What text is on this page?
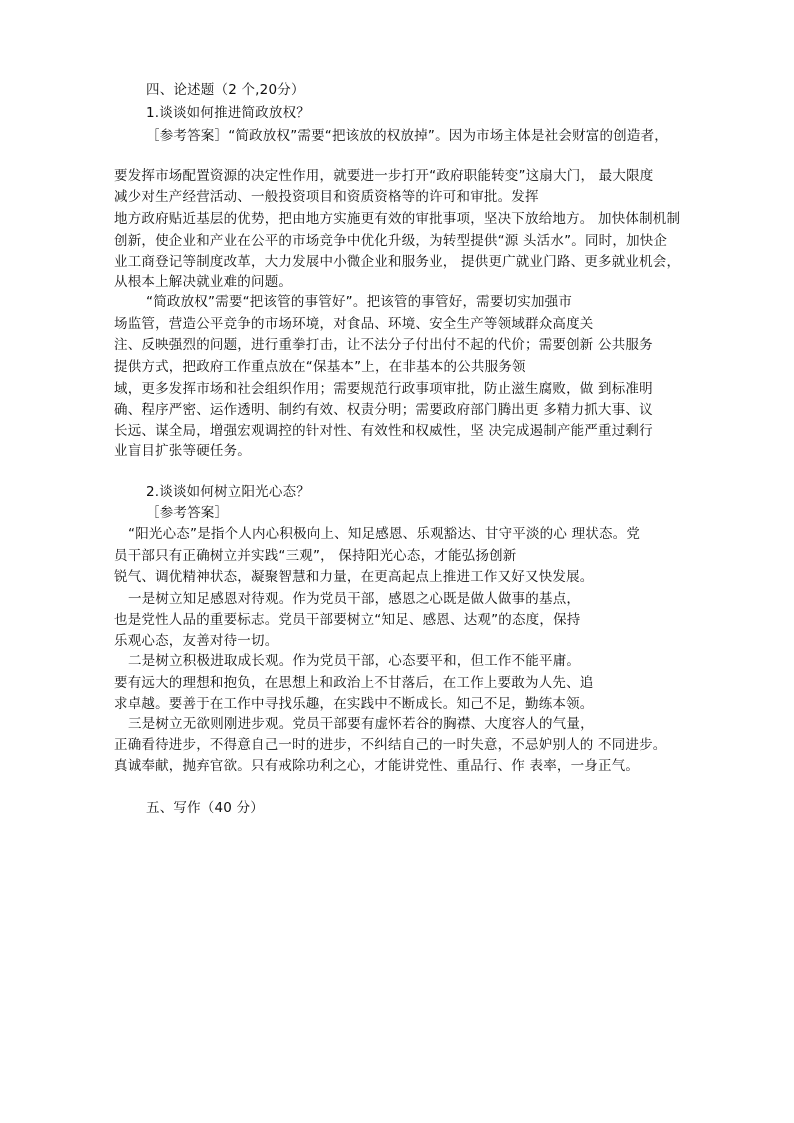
四、论述题（2 个,20分）
1.谈谈如何推进简政放权？
［参考答案］“简政放权”需要“把该放的权放掉”。因为市场主体是社会财富的创造者，
要发挥市场配置资源的决定性作用，就要进一步打开“政府职能转变”这扇大门， 最大限度
减少对生产经营活动、一般投资项目和资质资格等的许可和审批。发挥
地方政府贴近基层的优势，把由地方实施更有效的审批事项，坚决下放给地方。 加快体制机制
创新，使企业和产业在公平的市场竞争中优化升级，为转型提供“源 头活水”。同时，加快企
业工商登记等制度改革，大力发展中小微企业和服务业， 提供更广就业门路、更多就业机会，
从根本上解决就业难的问题。
“简政放权”需要“把该管的事管好”。把该管的事管好，需要切实加强市
场监管，营造公平竞争的市场环境，对食品、环境、安全生产等领域群众高度关
注、反映强烈的问题，进行重拳打击，让不法分子付出付不起的代价；需要创新 公共服务
提供方式，把政府工作重点放在“保基本”上，在非基本的公共服务领
域，更多发挥市场和社会组织作用；需要规范行政事项审批，防止滋生腐败，做 到标准明
确、程序严密、运作透明、制约有效、权责分明；需要政府部门腾出更 多精力抓大事、议
长远、谋全局，增强宏观调控的针对性、有效性和权威性，坚 决完成遏制产能严重过剩行
业盲目扩张等硬任务。
2.谈谈如何树立阳光心态？
［参考答案］
“阳光心态”是指个人内心积极向上、知足感恩、乐观豁达、甘守平淡的心 理状态。党
员干部只有正确树立并实践“三观”， 保持阳光心态，才能弘扬创新
锐气、调优精神状态，凝聚智慧和力量，在更高起点上推进工作又好又快发展。
一是树立知足感恩对待观。作为党员干部，感恩之心既是做人做事的基点，
也是党性人品的重要标志。党员干部要树立“知足、感恩、达观”的态度，保持
乐观心态，友善对待一切。
二是树立积极进取成长观。作为党员干部，心态要平和，但工作不能平庸。
要有远大的理想和抱负，在思想上和政治上不甘落后，在工作上要敢为人先、追
求卓越。要善于在工作中寻找乐趣，在实践中不断成长。知己不足，勤练本领。
三是树立无欲则刚进步观。党员干部要有虚怀若谷的胸襟、大度容人的气量，
正确看待进步，不得意自己一时的进步，不纠结自己的一时失意，不忌妒别人的 不同进步。
真诚奉献，抛弃官欲。只有戒除功利之心，才能讲党性、重品行、作 表率，一身正气。
五、写作（40 分）
